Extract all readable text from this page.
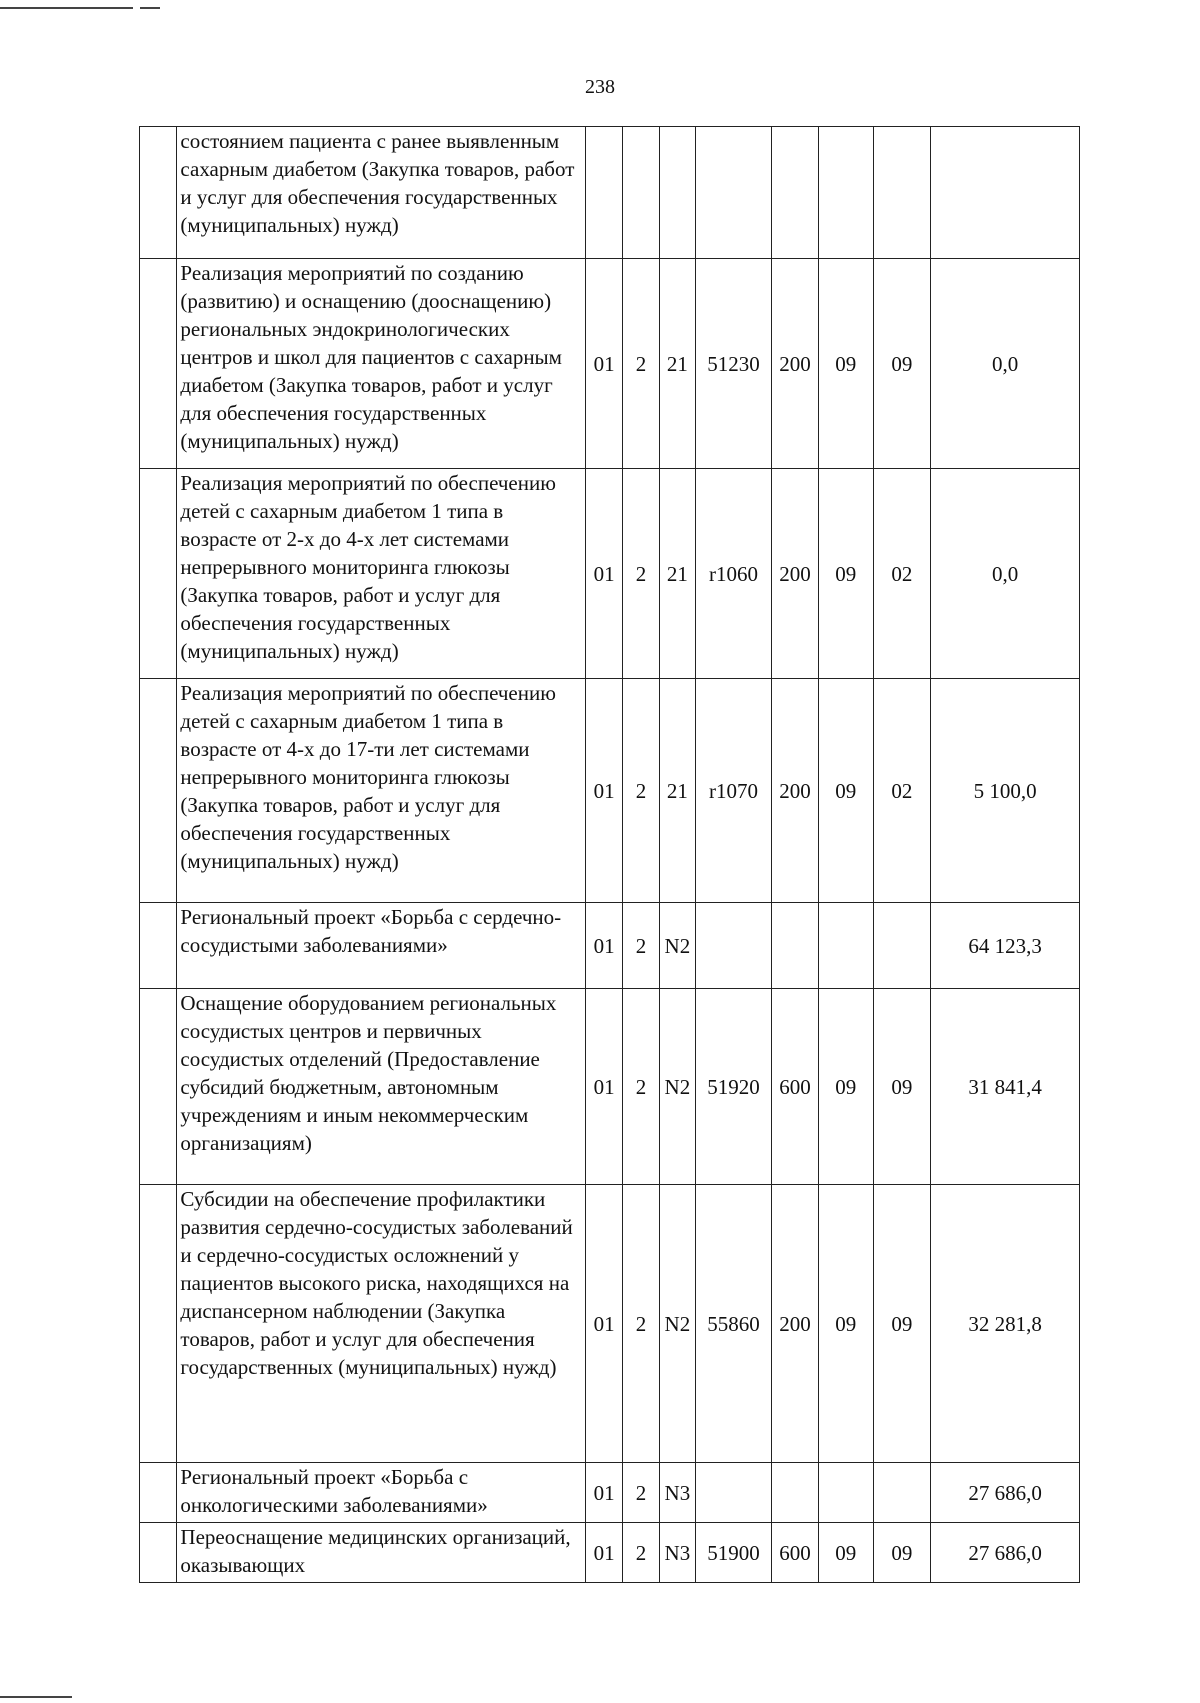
238
	состоянием пациента с ранее выявленным сахарным диабетом (Закупка товаров, работ и услуг для обеспечения государственных (муниципальных) нужд)								
	Реализация мероприятий по созданию (развитию) и оснащению (дооснащению) региональных эндокринологических центров и школ для пациентов с сахарным диабетом (Закупка товаров, работ и услуг для обеспечения государственных (муниципальных) нужд)	01	2	21	51230	200	09	09	0,0
	Реализация мероприятий по обеспечению детей с сахарным диабетом 1 типа в возрасте от 2-х до 4-х лет системами непрерывного мониторинга глюкозы (Закупка товаров, работ и услуг для обеспечения государственных (муниципальных) нужд)	01	2	21	r1060	200	09	02	0,0
	Реализация мероприятий по обеспечению детей с сахарным диабетом 1 типа в возрасте от 4-х до 17-ти лет системами непрерывного мониторинга глюкозы (Закупка товаров, работ и услуг для обеспечения государственных (муниципальных) нужд)	01	2	21	r1070	200	09	02	5 100,0
	Региональный проект «Борьба с сердечно-сосудистыми заболеваниями»	01	2	N2					64 123,3
	Оснащение оборудованием региональных сосудистых центров и первичных сосудистых отделений (Предоставление субсидий бюджетным, автономным учреждениям и иным некоммерческим организациям)	01	2	N2	51920	600	09	09	31 841,4
	Субсидии на обеспечение профилактики развития сердечно-сосудистых заболеваний и сердечно-сосудистых осложнений у пациентов высокого риска, находящихся на диспансерном наблюдении (Закупка товаров, работ и услуг для обеспечения государственных (муниципальных) нужд)	01	2	N2	55860	200	09	09	32 281,8
	Региональный проект «Борьба с онкологическими заболеваниями»	01	2	N3					27 686,0
	Переоснащение медицинских организаций, оказывающих	01	2	N3	51900	600	09	09	27 686,0
